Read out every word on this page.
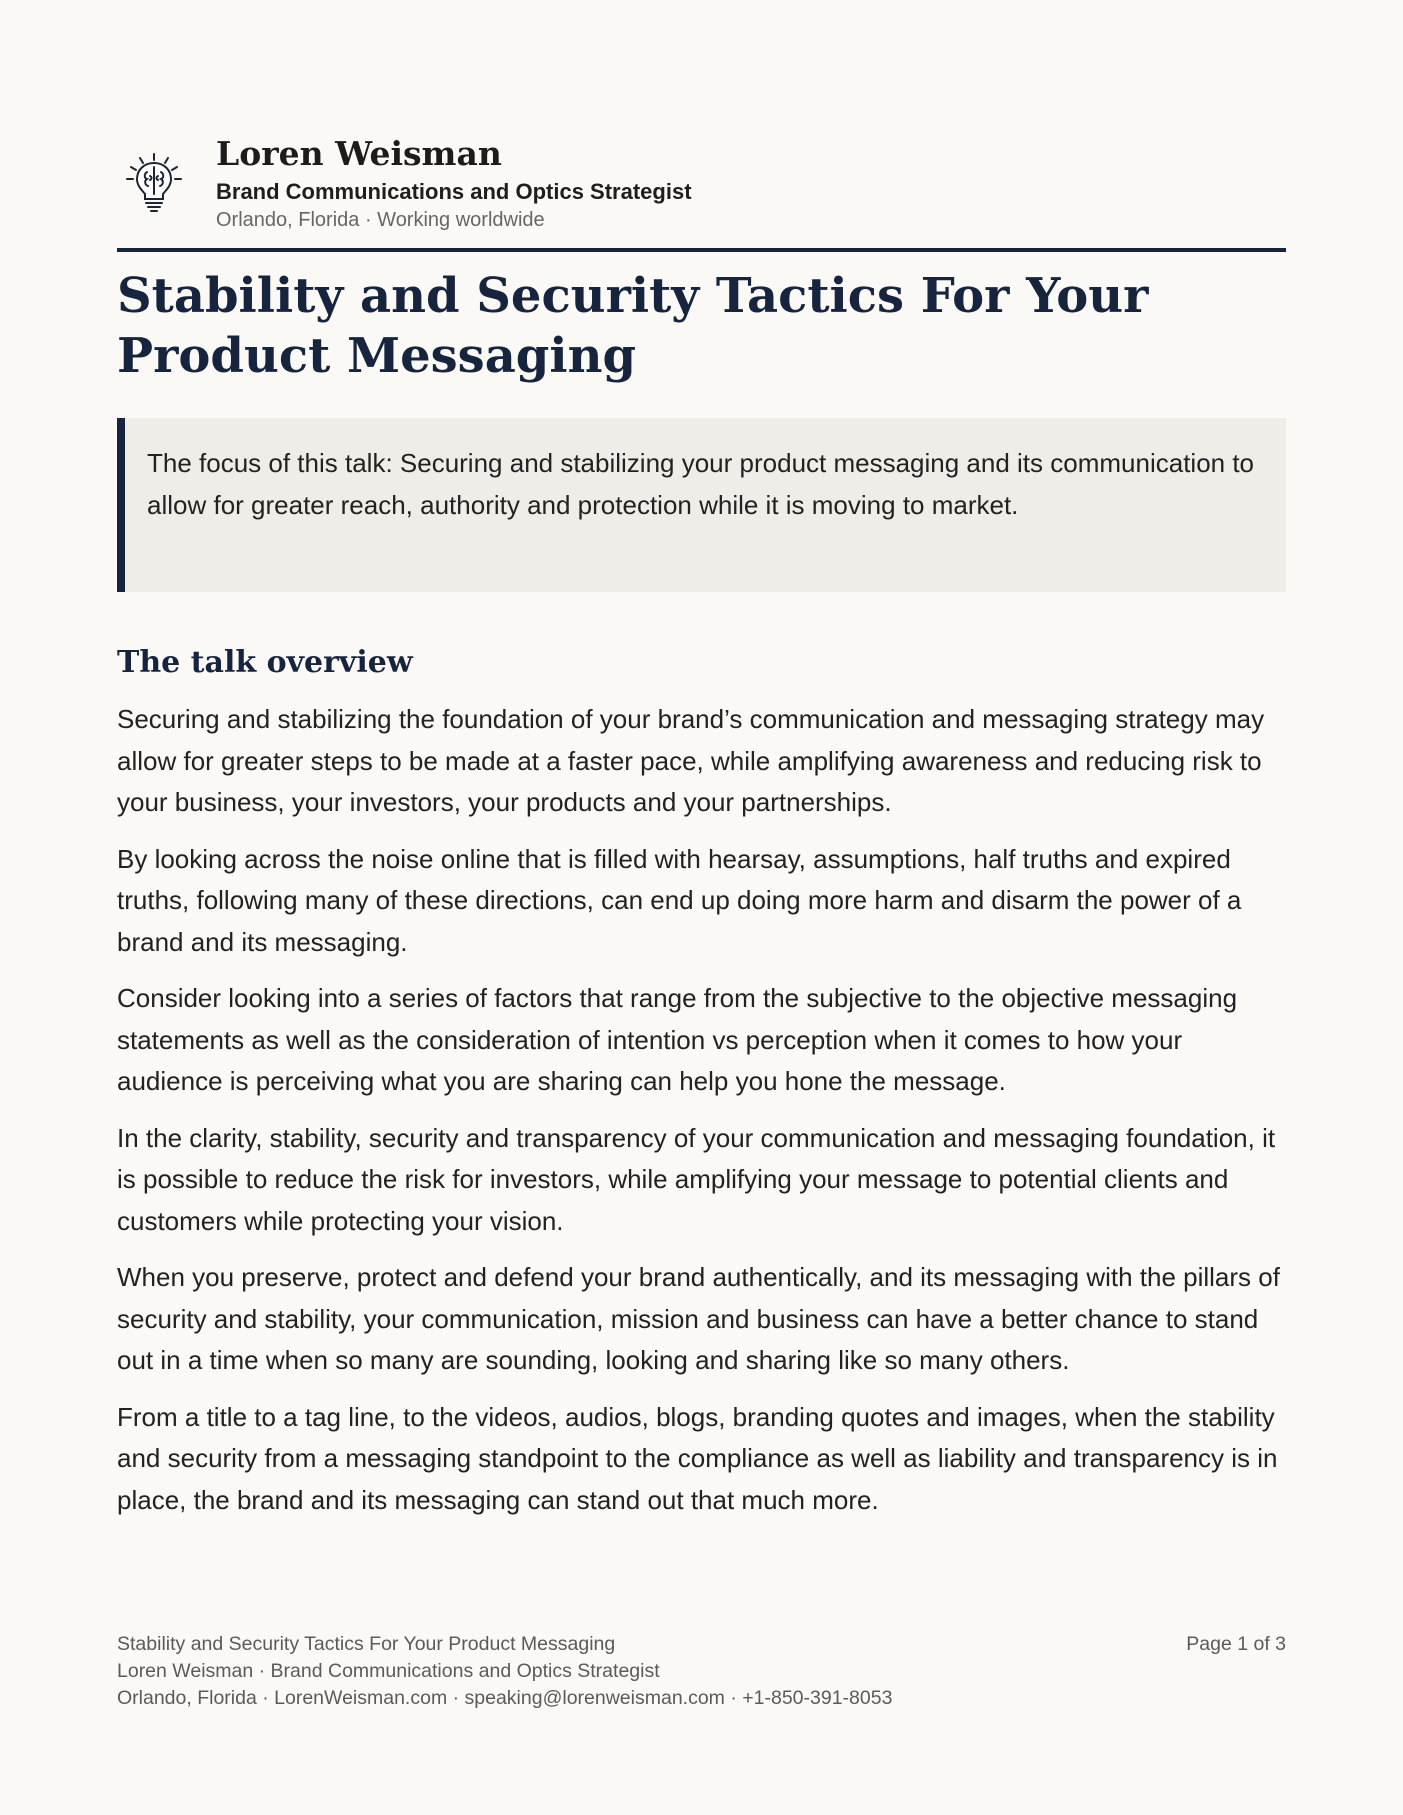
Loren Weisman
Brand Communications and Optics Strategist
Orlando, Florida · Working worldwide
Stability and Security Tactics For Your Product Messaging

The focus of this talk: Securing and stabilizing your product messaging and its communication to allow for greater reach, authority and protection while it is moving to market.

The talk overview

Securing and stabilizing the foundation of your brand’s communication and messaging strategy may allow for greater steps to be made at a faster pace, while amplifying awareness and reducing risk to your business, your investors, your products and your partnerships.

By looking across the noise online that is filled with hearsay, assumptions, half truths and expired truths, following many of these directions, can end up doing more harm and disarm the power of a brand and its messaging.

Consider looking into a series of factors that range from the subjective to the objective messaging statements as well as the consideration of intention vs perception when it comes to how your audience is perceiving what you are sharing can help you hone the message.

In the clarity, stability, security and transparency of your communication and messaging foundation, it is possible to reduce the risk for investors, while amplifying your message to potential clients and customers while protecting your vision.

When you preserve, protect and defend your brand authentically, and its messaging with the pillars of security and stability, your communication, mission and business can have a better chance to stand out in a time when so many are sounding, looking and sharing like so many others.

From a title to a tag line, to the videos, audios, blogs, branding quotes and images, when the stability and security from a messaging standpoint to the compliance as well as liability and transparency is in place, the brand and its messaging can stand out that much more.

Stability and Security Tactics For Your Product Messaging
Loren Weisman · Brand Communications and Optics Strategist
Orlando, Florida · LorenWeisman.com · speaking@lorenweisman.com · +1-850-391-8053
Page 1 of 3
